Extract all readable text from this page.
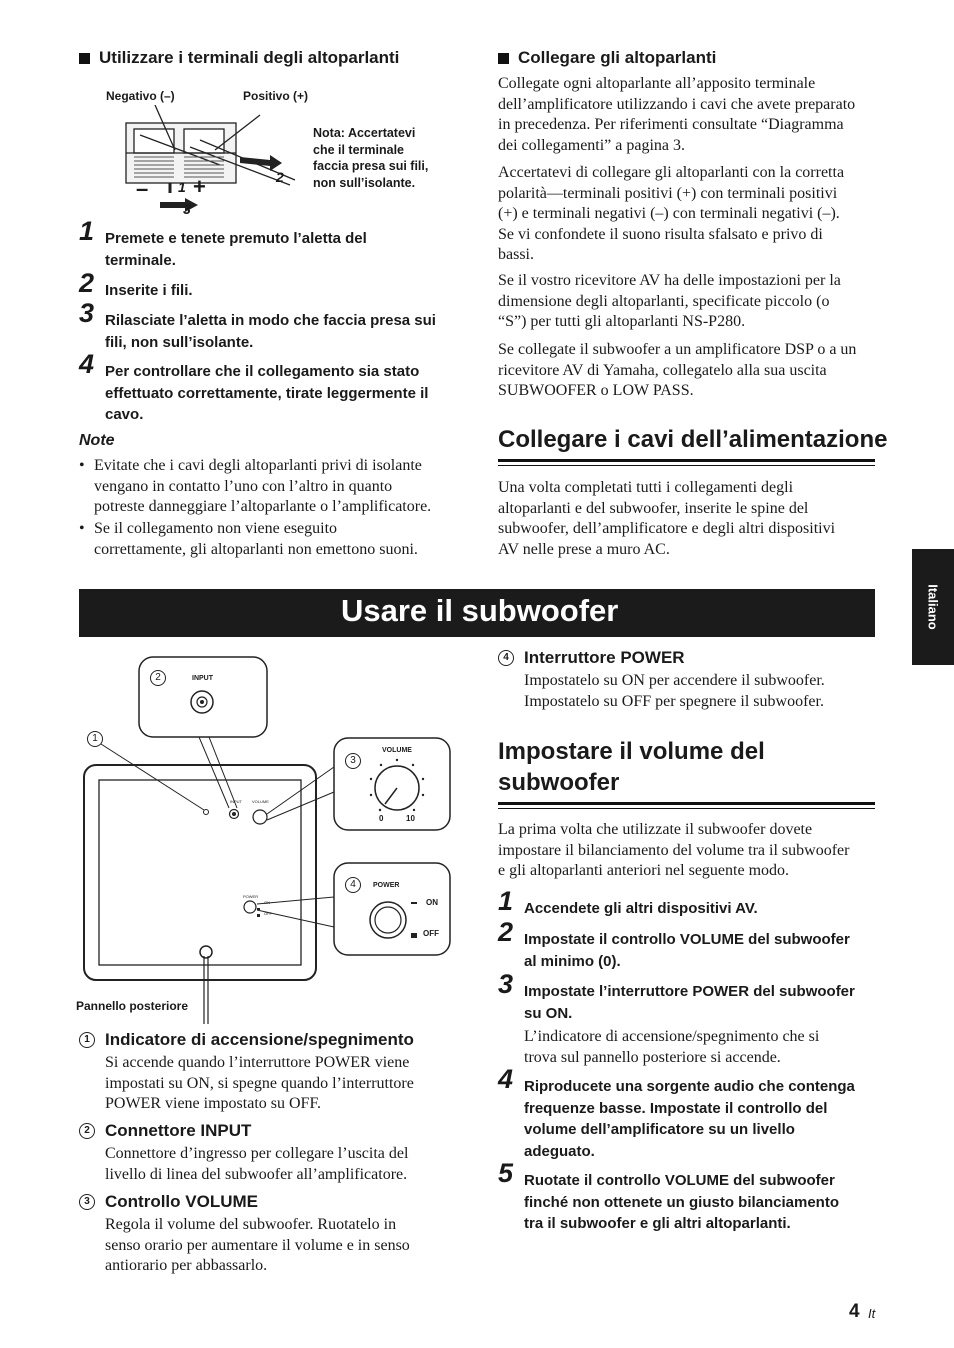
Utilizzare i terminali degli altoparlanti
Negativo (–)	Positivo (+)
– +
1
2
3
Nota: Accertatevi
che il terminale
faccia presa sui fili,
non sull’isolante.
1 Premete e tenete premuto l’aletta del
terminale.
2 Inserite i fili.
3 Rilasciate l’aletta in modo che faccia presa sui
fili, non sull’isolante.
4 Per controllare che il collegamento sia stato
effettuato correttamente, tirate leggermente il
cavo.
Note
• Evitate che i cavi degli altoparlanti privi di isolante
vengano in contatto l’uno con l’altro in quanto
potreste danneggiare l’altoparlante o l’amplificatore.
• Se il collegamento non viene eseguito
correttamente, gli altoparlanti non emettono suoni.
Collegare gli altoparlanti
Collegate ogni altoparlante all’apposito terminale
dell’amplificatore utilizzando i cavi che avete preparato
in precedenza. Per riferimenti consultate “Diagramma
dei collegamenti” a pagina 3.
Accertatevi di collegare gli altoparlanti con la corretta
polarità—terminali positivi (+) con terminali positivi
(+) e terminali negativi (–) con terminali negativi (–).
Se vi confondete il suono risulta sfalsato e privo di
bassi.
Se il vostro ricevitore AV ha delle impostazioni per la
dimensione degli altoparlanti, specificate piccolo (o
“S”) per tutti gli altoparlanti NS-P280.
Se collegate il subwoofer a un amplificatore DSP o a un
ricevitore AV di Yamaha, collegatelo alla sua uscita
SUBWOOFER o LOW PASS.
Collegare i cavi dell’alimentazione
Una volta completati tutti i collegamenti degli
altoparlanti e del subwoofer, inserite le spine del
subwoofer, dell’amplificatore e degli altri dispositivi
AV nelle prese a muro AC.
Italiano
Usare il subwoofer
2
1
3
4
INPUT
VOLUME
0	10
POWER
ON
OFF
INPUT	VOLUME
POWER
ON
OFF
Pannello posteriore
1 Indicatore di accensione/spegnimento
Si accende quando l’interruttore POWER viene
impostati su ON, si spegne quando l’interruttore
POWER viene impostato su OFF.
2 Connettore INPUT
Connettore d’ingresso per collegare l’uscita del
livello di linea del subwoofer all’amplificatore.
3 Controllo VOLUME
Regola il volume del subwoofer. Ruotatelo in
senso orario per aumentare il volume e in senso
antiorario per abbassarlo.
4 Interruttore POWER
Impostatelo su ON per accendere il subwoofer.
Impostatelo su OFF per spegnere il subwoofer.
Impostare il volume del
subwoofer
La prima volta che utilizzate il subwoofer dovete
impostare il bilanciamento del volume tra il subwoofer
e gli altoparlanti anteriori nel seguente modo.
1 Accendete gli altri dispositivi AV.
2 Impostate il controllo VOLUME del subwoofer
al minimo (0).
3 Impostate l’interruttore POWER del subwoofer
su ON.
L’indicatore di accensione/spegnimento che si
trova sul pannello posteriore si accende.
4 Riproducete una sorgente audio che contenga
frequenze basse. Impostate il controllo del
volume dell’amplificatore su un livello
adeguato.
5 Ruotate il controllo VOLUME del subwoofer
finché non ottenete un giusto bilanciamento
tra il subwoofer e gli altri altoparlanti.
4 It
